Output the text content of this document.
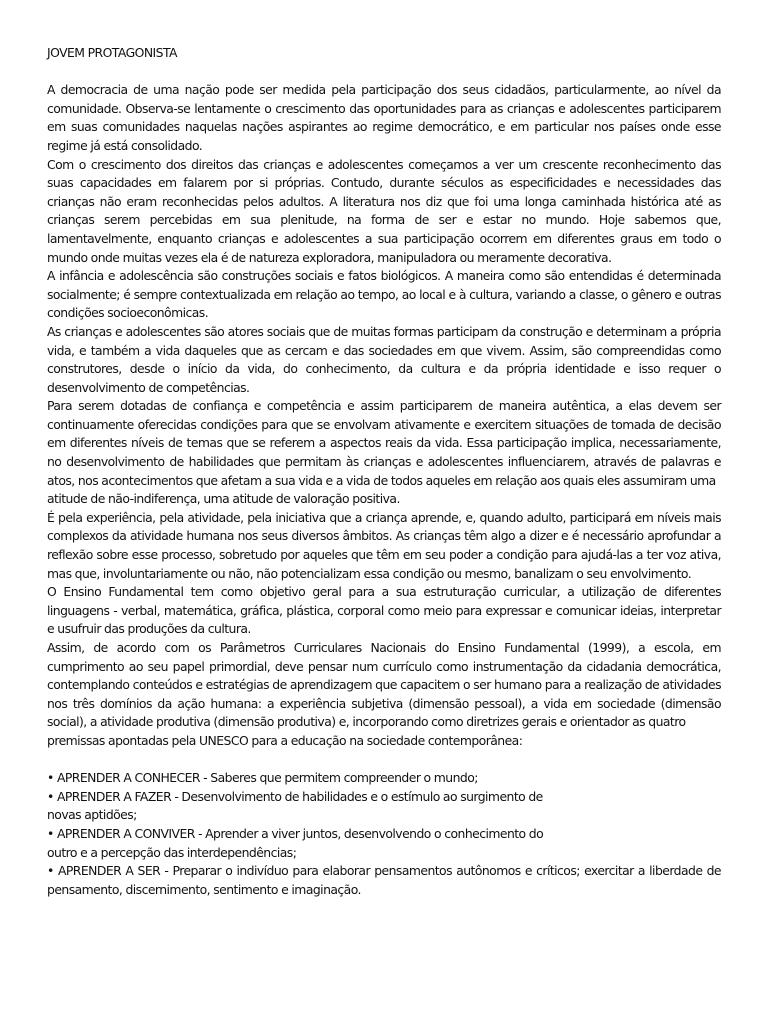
JOVEM PROTAGONISTA

A democracia de uma nação pode ser medida pela participação dos seus cidadãos, particularmente, ao nível da comunidade. Observa-se lentamente o crescimento das oportunidades para as crianças e adolescentes participarem em suas comunidades naquelas nações aspirantes ao regime democrático, e em particular nos países onde esse regime já está consolidado.

Com o crescimento dos direitos das crianças e adolescentes começamos a ver um crescente reconhecimento das suas capacidades em falarem por si próprias. Contudo, durante séculos as especificidades e necessidades das crianças não eram reconhecidas pelos adultos. A literatura nos diz que foi uma longa caminhada histórica até as crianças serem percebidas em sua plenitude, na forma de ser e estar no mundo. Hoje sabemos que, lamentavelmente, enquanto crianças e adolescentes a sua participação ocorrem em diferentes graus em todo o mundo onde muitas vezes ela é de natureza exploradora, manipuladora ou meramente decorativa.

A infância e adolescência são construções sociais e fatos biológicos. A maneira como são entendidas é determinada socialmente; é sempre contextualizada em relação ao tempo, ao local e à cultura, variando a classe, o gênero e outras condições socioeconômicas.

As crianças e adolescentes são atores sociais que de muitas formas participam da construção e determinam a própria vida, e também a vida daqueles que as cercam e das sociedades em que vivem. Assim, são compreendidas como construtores, desde o início da vida, do conhecimento, da cultura e da própria identidade e isso requer o desenvolvimento de competências.

Para serem dotadas de confiança e competência e assim participarem de maneira autêntica, a elas devem ser continuamente oferecidas condições para que se envolvam ativamente e exercitem situações de tomada de decisão em diferentes níveis de temas que se referem a aspectos reais da vida. Essa participação implica, necessariamente, no desenvolvimento de habilidades que permitam às crianças e adolescentes influenciarem, através de palavras e atos, nos acontecimentos que afetam a sua vida e a vida de todos aqueles em relação aos quais eles assumiram uma

atitude de não-indiferença, uma atitude de valoração positiva.

É pela experiência, pela atividade, pela iniciativa que a criança aprende, e, quando adulto, participará em níveis mais complexos da atividade humana nos seus diversos âmbitos. As crianças têm algo a dizer e é necessário aprofundar a reflexão sobre esse processo, sobretudo por aqueles que têm em seu poder a condição para ajudá-las a ter voz ativa, mas que, involuntariamente ou não, não potencializam essa condição ou mesmo, banalizam o seu envolvimento.

O Ensino Fundamental tem como objetivo geral para a sua estruturação curricular, a utilização de diferentes linguagens - verbal, matemática, gráfica, plástica, corporal como meio para expressar e comunicar ideias, interpretar e usufruir das produções da cultura.

Assim, de acordo com os Parâmetros Curriculares Nacionais do Ensino Fundamental (1999), a escola, em cumprimento ao seu papel primordial, deve pensar num currículo como instrumentação da cidadania democrática, contemplando conteúdos e estratégias de aprendizagem que capacitem o ser humano para a realização de atividades nos três domínios da ação humana: a experiência subjetiva (dimensão pessoal), a vida em sociedade (dimensão social), a atividade produtiva (dimensão produtiva) e, incorporando como diretrizes gerais e orientador as quatro

premissas apontadas pela UNESCO para a educação na sociedade contemporânea:
• APRENDER A CONHECER - Saberes que permitem compreender o mundo;
• APRENDER A FAZER - Desenvolvimento de habilidades e o estímulo ao surgimento de
novas aptidões;
• APRENDER A CONVIVER - Aprender a viver juntos, desenvolvendo o conhecimento do
outro e a percepção das interdependências;

• APRENDER A SER - Preparar o indivíduo para elaborar pensamentos autônomos e críticos; exercitar a liberdade de pensamento, discernimento, sentimento e imaginação.
